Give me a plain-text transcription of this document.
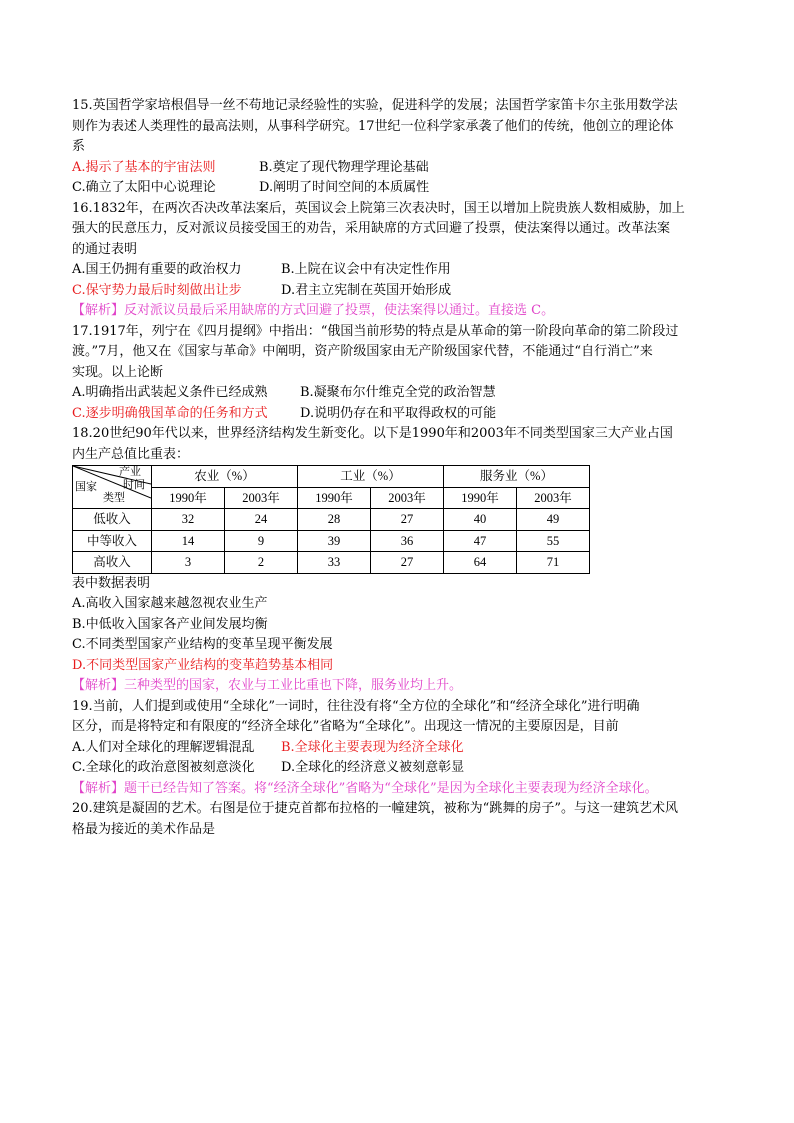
15.英国哲学家培根倡导一丝不苟地记录经验性的实验，促进科学的发展；法国哲学家笛卡尔主张用数学法
则作为表述人类理性的最高法则，从事科学研究。17世纪一位科学家承袭了他们的传统，他创立的理论体
系
A.揭示了基本的宇宙法则	B.奠定了现代物理学理论基础
C.确立了太阳中心说理论	D.阐明了时间空间的本质属性
16.1832年，在两次否决改革法案后，英国议会上院第三次表决时，国王以增加上院贵族人数相威胁，加上
强大的民意压力，反对派议员接受国王的劝告，采用缺席的方式回避了投票，使法案得以通过。改革法案
的通过表明
A.国王仍拥有重要的政治权力	B.上院在议会中有决定性作用
C.保守势力最后时刻做出让步	D.君主立宪制在英国开始形成
【解析】反对派议员最后采用缺席的方式回避了投票，使法案得以通过。直接选 C。
17.1917年，列宁在《四月提纲》中指出：“俄国当前形势的特点是从革命的第一阶段向革命的第二阶段过
渡。”7月，他又在《国家与革命》中阐明，资产阶级国家由无产阶级国家代替，不能通过“自行消亡”来
实现。以上论断
A.明确指出武装起义条件已经成熟 B.凝聚布尔什维克全党的政治智慧
C.逐步明确俄国革命的任务和方式 D.说明仍存在和平取得政权的可能
18.20世纪90年代以来，世界经济结构发生新变化。以下是1990年和2003年不同类型国家三大产业占国
内生产总值比重表：
产业
时间
国家
类型	农业（%）		工业（%）		服务业（%）	
	1990年	2003年	1990年	2003年	1990年	2003年
低收入	32	24	28	27	40	49
中等收入	14	9	39	36	47	55
高收入	3	2	33	27	64	71
表中数据表明
A.高收入国家越来越忽视农业生产
B.中低收入国家各产业间发展均衡
C.不同类型国家产业结构的变革呈现平衡发展
D.不同类型国家产业结构的变革趋势基本相同
【解析】三种类型的国家，农业与工业比重也下降，服务业均上升。
19.当前，人们提到或使用“全球化”一词时，往往没有将“全方位的全球化”和“经济全球化”进行明确
区分，而是将特定和有限度的“经济全球化”省略为“全球化”。出现这一情况的主要原因是，目前
A.人们对全球化的理解逻辑混乱 B.全球化主要表现为经济全球化
C.全球化的政治意图被刻意淡化 D.全球化的经济意义被刻意彰显
【解析】题干已经告知了答案。将“经济全球化”省略为“全球化”是因为全球化主要表现为经济全球化。
20.建筑是凝固的艺术。右图是位于捷克首都布拉格的一幢建筑，被称为“跳舞的房子”。与这一建筑艺术风
格最为接近的美术作品是
